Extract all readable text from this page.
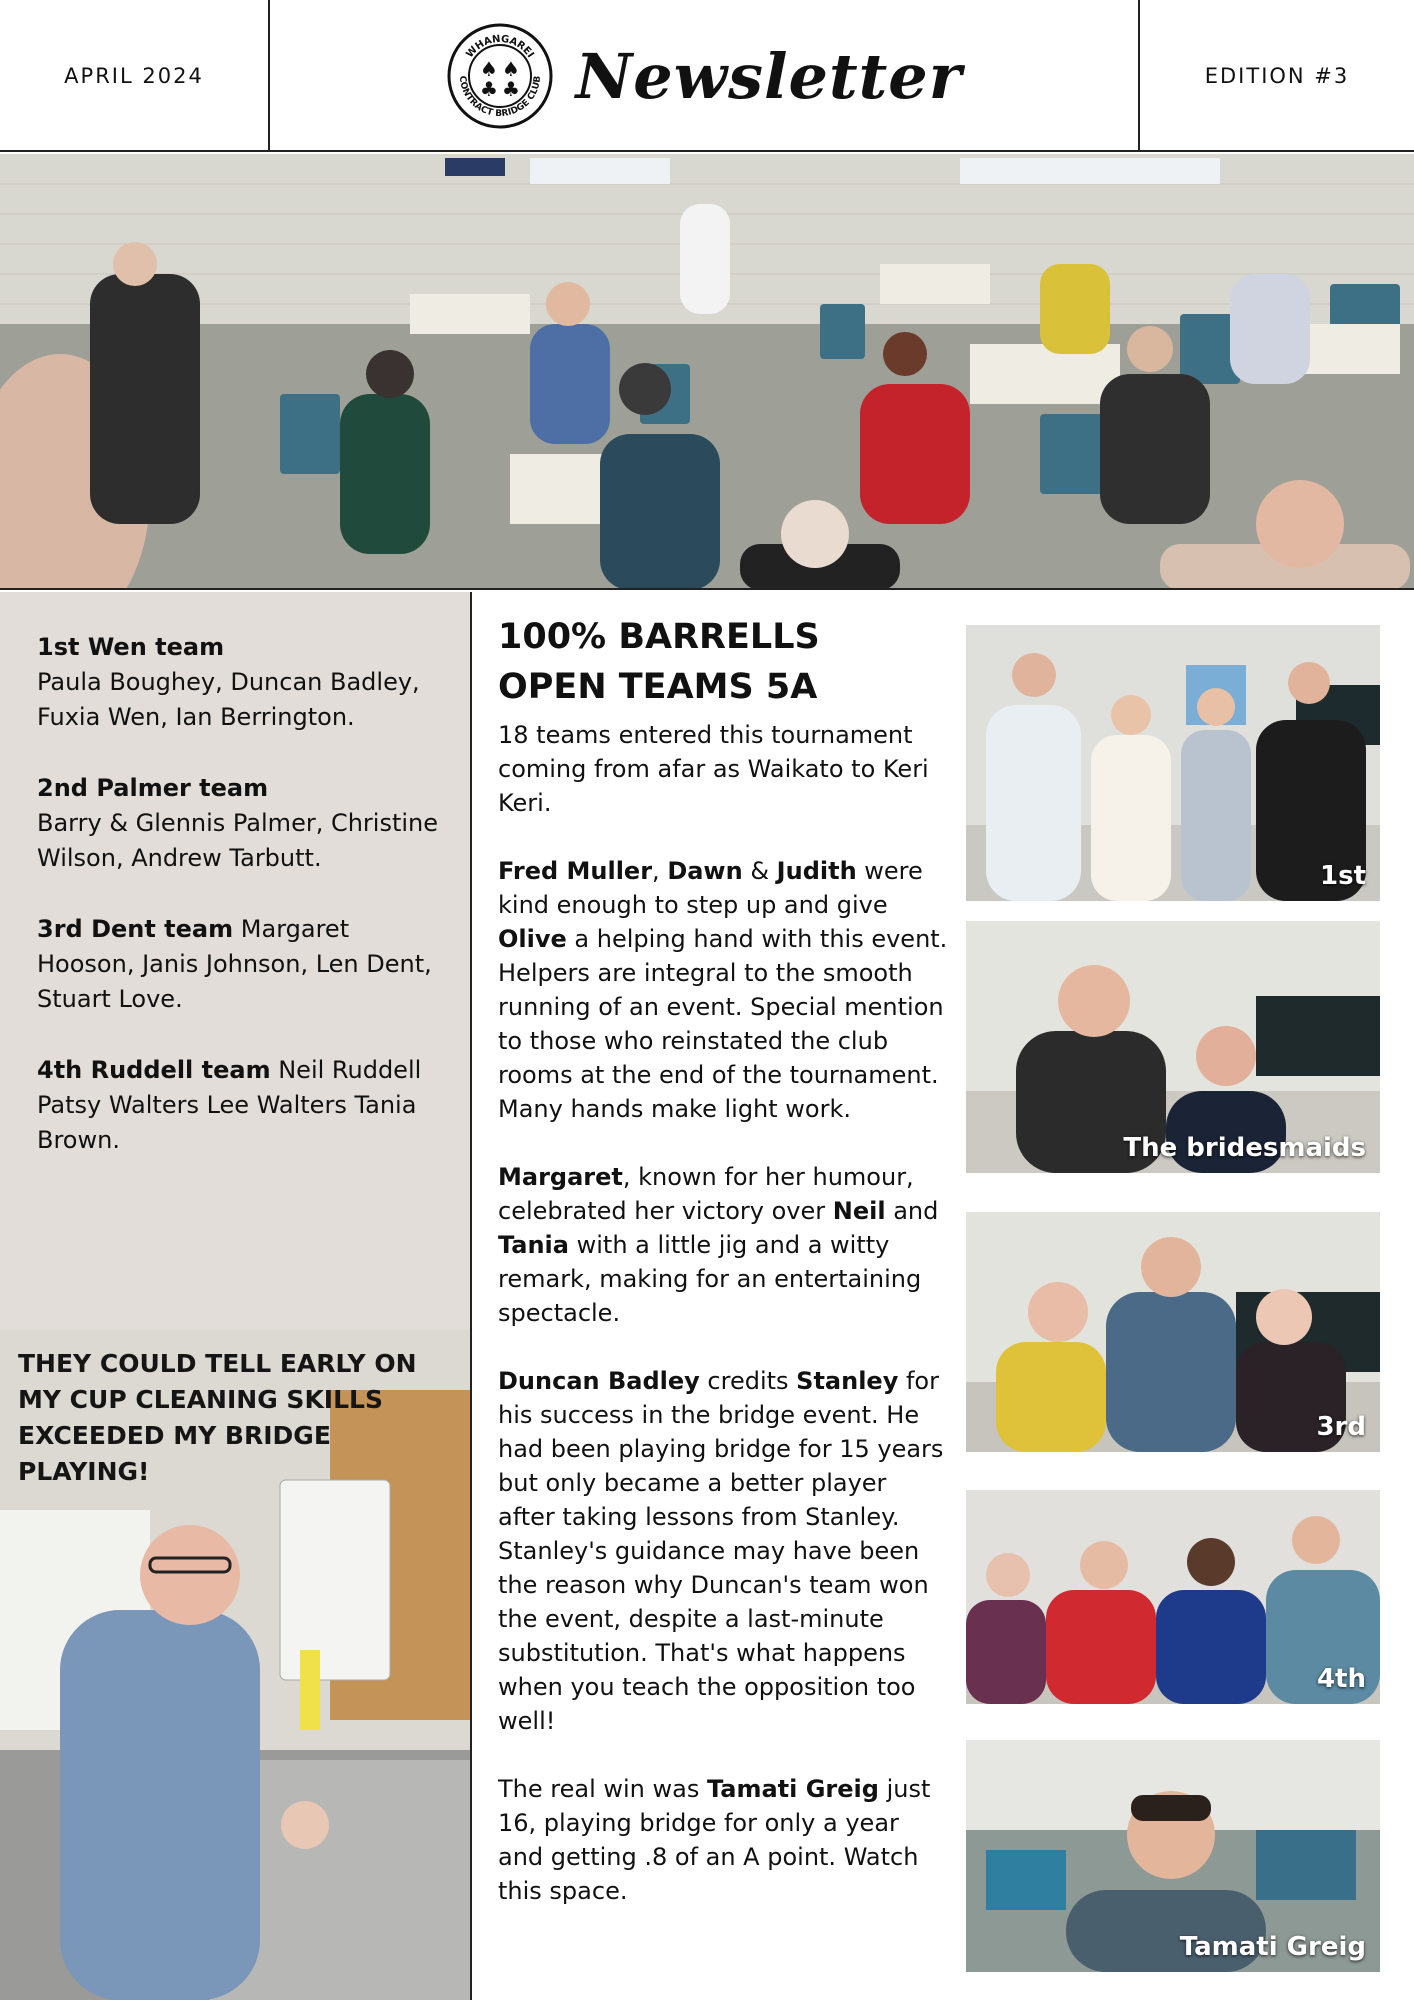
APRIL 2024
WHANGAREI
CONTRACT BRIDGE CLUB
♠ ♠
♣ ♣ Newsletter	EDITION #3
1st Wen team
Paula Boughey, Duncan Badley, Fuxia Wen, Ian Berrington.
2nd Palmer team
Barry & Glennis Palmer, Christine Wilson, Andrew Tarbutt.
3rd Dent team Margaret Hooson, Janis Johnson, Len Dent, Stuart Love.
4th Ruddell team Neil Ruddell Patsy Walters Lee Walters Tania Brown.
THEY COULD TELL EARLY ON MY CUP CLEANING SKILLS EXCEEDED MY BRIDGE PLAYING!
100% BARRELLS
OPEN TEAMS 5A

18 teams entered this tournament coming from afar as Waikato to Keri Keri.

Fred Muller, Dawn & Judith were kind enough to step up and give Olive a helping hand with this event. Helpers are integral to the smooth running of an event. Special mention to those who reinstated the club rooms at the end of the tournament. Many hands make light work.

Margaret, known for her humour, celebrated her victory over Neil and Tania with a little jig and a witty remark, making for an entertaining spectacle.

Duncan Badley credits Stanley for his success in the bridge event. He had been playing bridge for 15 years but only became a better player after taking lessons from Stanley. Stanley's guidance may have been the reason why Duncan's team won the event, despite a last-minute substitution. That's what happens when you teach the opposition too well!

The real win was Tamati Greig just 16, playing bridge for only a year and getting .8 of an A point. Watch this space.

1st
The bridesmaids
3rd
4th
Tamati Greig
